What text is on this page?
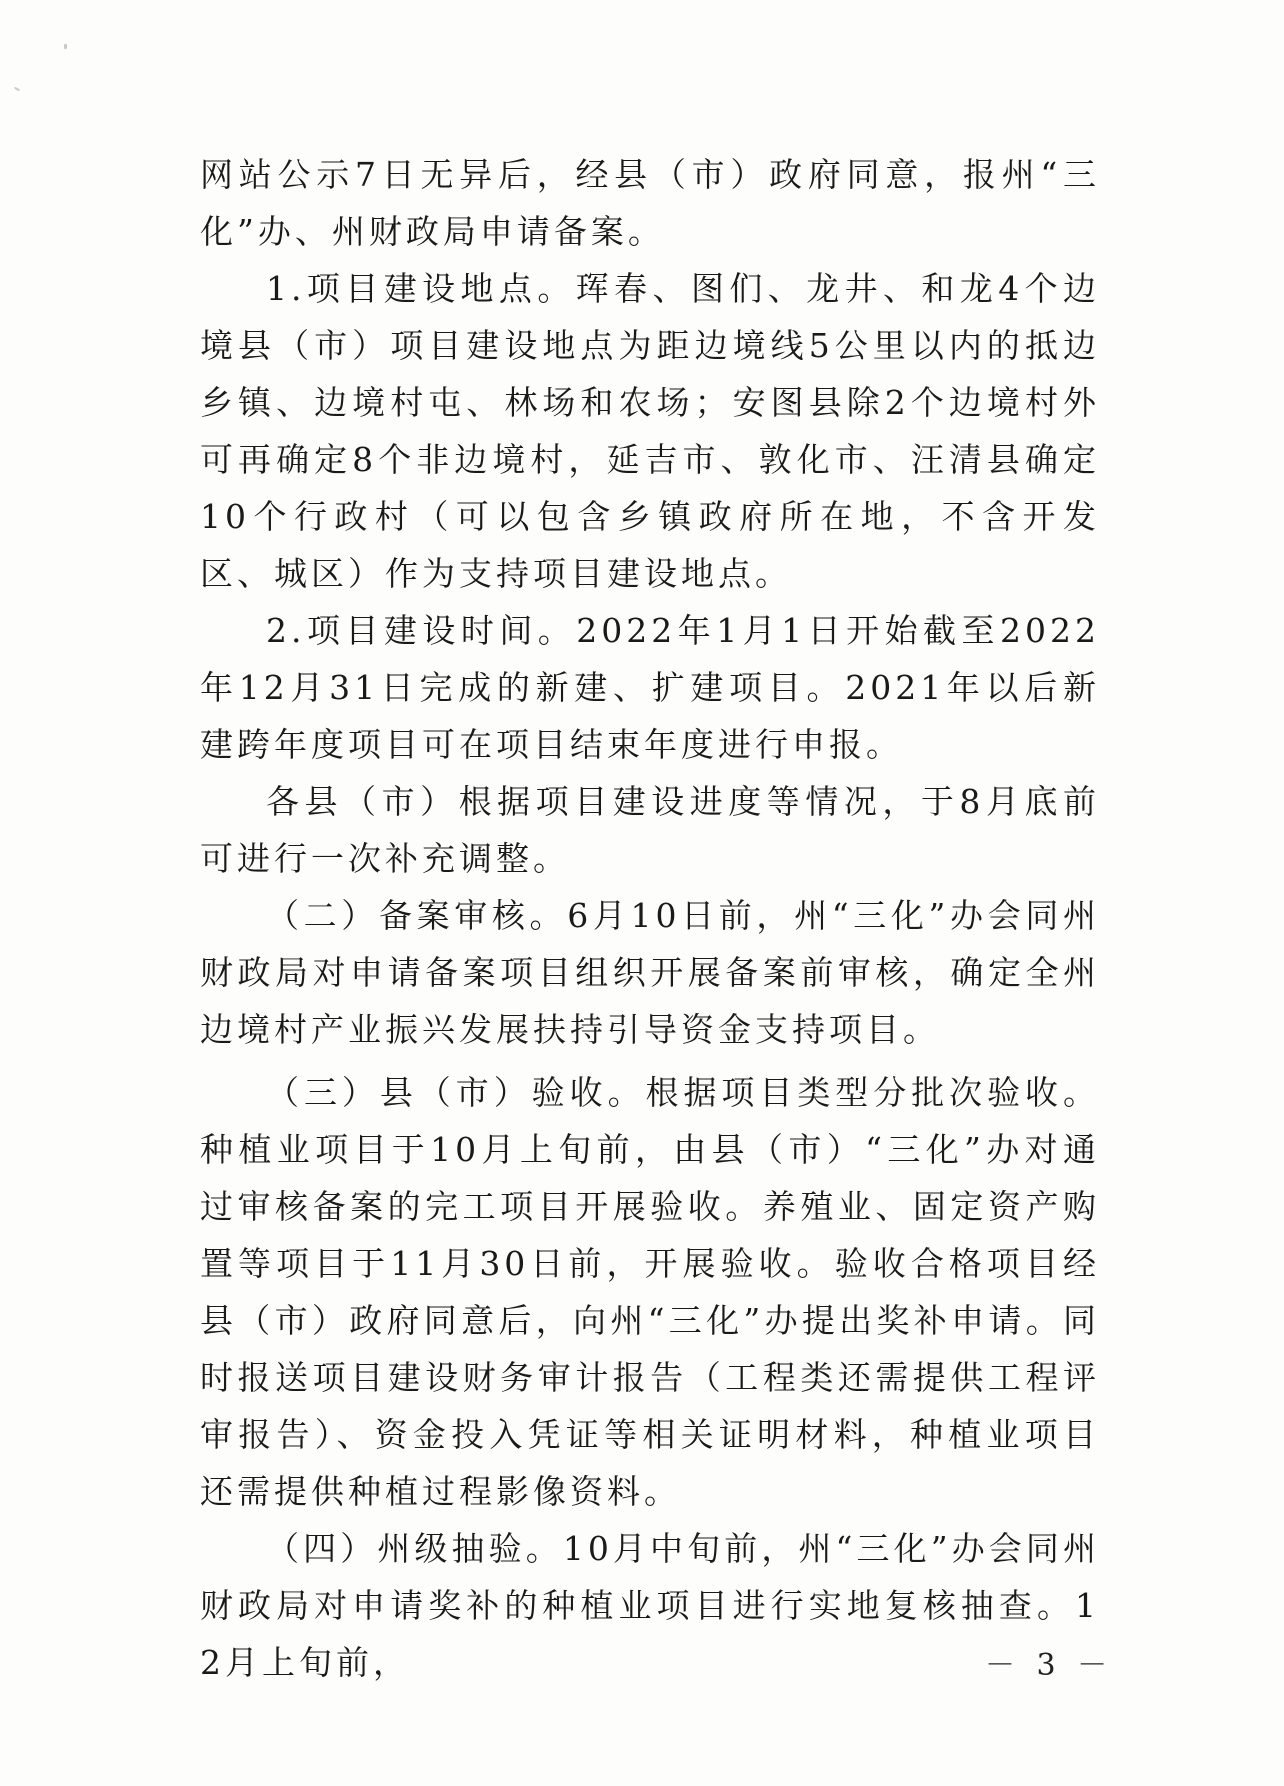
网站公示7日无异后，经县（市）政府同意，报州“三化”办、州财政局申请备案。

1.项目建设地点。珲春、图们、龙井、和龙4个边境县（市）项目建设地点为距边境线5公里以内的抵边乡镇、边境村屯、林场和农场；安图县除2个边境村外可再确定8个非边境村，延吉市、敦化市、汪清县确定10个行政村（可以包含乡镇政府所在地，不含开发区、城区）作为支持项目建设地点。

2.项目建设时间。2022年1月1日开始截至2022年12月31日完成的新建、扩建项目。2021年以后新建跨年度项目可在项目结束年度进行申报。

各县（市）根据项目建设进度等情况，于8月底前可进行一次补充调整。

（二）备案审核。6月10日前，州“三化”办会同州财政局对申请备案项目组织开展备案前审核，确定全州边境村产业振兴发展扶持引导资金支持项目。

（三）县（市）验收。根据项目类型分批次验收。种植业项目于10月上旬前，由县（市）“三化”办对通过审核备案的完工项目开展验收。养殖业、固定资产购置等项目于11月30日前，开展验收。验收合格项目经县（市）政府同意后，向州“三化”办提出奖补申请。同时报送项目建设财务审计报告（工程类还需提供工程评审报告）、资金投入凭证等相关证明材料，种植业项目还需提供种植过程影像资料。

（四）州级抽验。10月中旬前，州“三化”办会同州财政局对申请奖补的种植业项目进行实地复核抽查。12月上旬前，	－ 3 －
